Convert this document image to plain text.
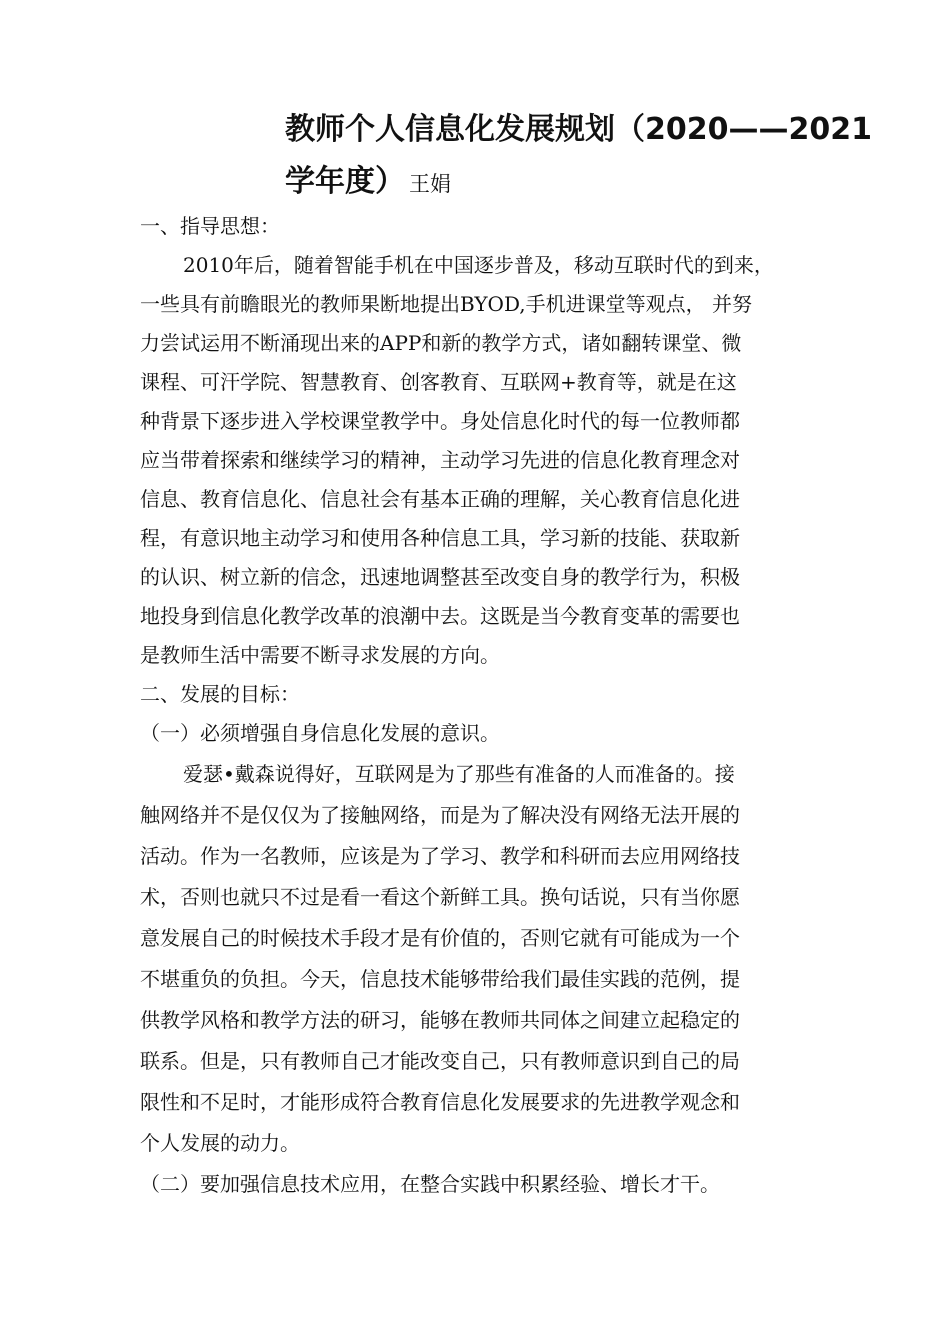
教师个人信息化发展规划（2020——2021
学年度） 王娟
一、指导思想：
2010年后，随着智能手机在中国逐步普及，移动互联时代的到来，
一些具有前瞻眼光的教师果断地提出BYOD,手机进课堂等观点， 并努
力尝试运用不断涌现出来的APP和新的教学方式，诸如翻转课堂、微
课程、可汗学院、智慧教育、创客教育、互联网+教育等，就是在这
种背景下逐步进入学校课堂教学中。身处信息化时代的每一位教师都
应当带着探索和继续学习的精神，主动学习先进的信息化教育理念对
信息、教育信息化、信息社会有基本正确的理解，关心教育信息化进
程，有意识地主动学习和使用各种信息工具，学习新的技能、获取新
的认识、树立新的信念，迅速地调整甚至改变自身的教学行为，积极
地投身到信息化教学改革的浪潮中去。这既是当今教育变革的需要也
是教师生活中需要不断寻求发展的方向。
二、发展的目标：
（一）必须增强自身信息化发展的意识。
爱瑟•戴森说得好，互联网是为了那些有准备的人而准备的。接
触网络并不是仅仅为了接触网络，而是为了解决没有网络无法开展的
活动。作为一名教师，应该是为了学习、教学和科研而去应用网络技
术，否则也就只不过是看一看这个新鲜工具。换句话说，只有当你愿
意发展自己的时候技术手段才是有价值的，否则它就有可能成为一个
不堪重负的负担。今天，信息技术能够带给我们最佳实践的范例，提
供教学风格和教学方法的研习，能够在教师共同体之间建立起稳定的
联系。但是，只有教师自己才能改变自己，只有教师意识到自己的局
限性和不足时，才能形成符合教育信息化发展要求的先进教学观念和
个人发展的动力。
（二）要加强信息技术应用，在整合实践中积累经验、增长才干。
